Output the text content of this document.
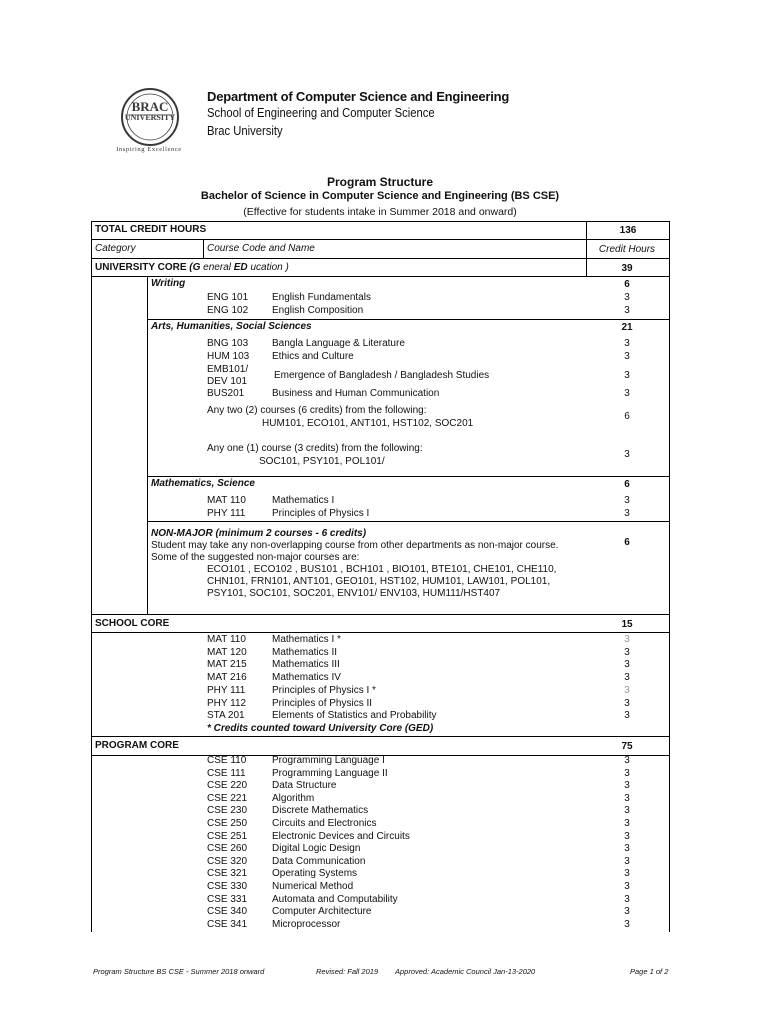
BRAC
UNIVERSITY
Inspiring Excellence
Department of Computer Science and Engineering
School of Engineering and Computer Science
Brac University
Program Structure
Bachelor of Science in Computer Science and Engineering (BS CSE)
(Effective for students intake in Summer 2018 and onward)
TOTAL CREDIT HOURS	136
Category	Course Code and Name	Credit Hours
UNIVERSITY CORE (G eneral ED ucation )	39
Writing	6
ENG 101 English Fundamentals	3
ENG 102 English Composition	3
Arts, Humanities, Social Sciences	21
BNG 103 Bangla Language & Literature	3
HUM 103 Ethics and Culture	3
EMB101/
DEV 101
Emergence of Bangladesh / Bangladesh Studies	3
BUS201	Business and Human Communication	3
Any two (2) courses (6 credits) from the following:
HUM101, ECO101, ANT101, HST102, SOC201
6
Any one (1) course (3 credits) from the following:
SOC101, PSY101, POL101/
3
Mathematics, Science	6
MAT 110	Mathematics I	3
PHY 111	Principles of Physics I	3
NON-MAJOR (minimum 2 courses - 6 credits)
Student may take any non-overlapping course from other departments as non-major course.
Some of the suggested non-major courses are:
ECO101 , ECO102 , BUS101 , BCH101 , BIO101, BTE101, CHE101, CHE110,
CHN101, FRN101, ANT101, GEO101, HST102, HUM101, LAW101, POL101,
PSY101, SOC101, SOC201, ENV101/ ENV103, HUM111/HST407
6
SCHOOL CORE	15
MAT 110	Mathematics I *	3
MAT 120	Mathematics II	3
MAT 215	Mathematics III	3
MAT 216	Mathematics IV	3
PHY 111	Principles of Physics I *	3
PHY 112	Principles of Physics II	3
STA 201	Elements of Statistics and Probability	3
* Credits counted toward University Core (GED)
PROGRAM CORE	75
CSE 110	Programming Language I	3
CSE 111	Programming Language II	3
CSE 220 Data Structure	3
CSE 221 Algorithm	3
CSE 230 Discrete Mathematics	3
CSE 250 Circuits and Electronics	3
CSE 251 Electronic Devices and Circuits	3
CSE 260 Digital Logic Design	3
CSE 320 Data Communication	3
CSE 321 Operating Systems	3
CSE 330 Numerical Method	3
CSE 331 Automata and Computability	3
CSE 340 Computer Architecture	3
CSE 341 Microprocessor	3
Program Structure BS CSE - Summer 2018 onward	Revised: Fall 2019 Approved: Academic Council Jan-13-2020	Page 1 of 2
